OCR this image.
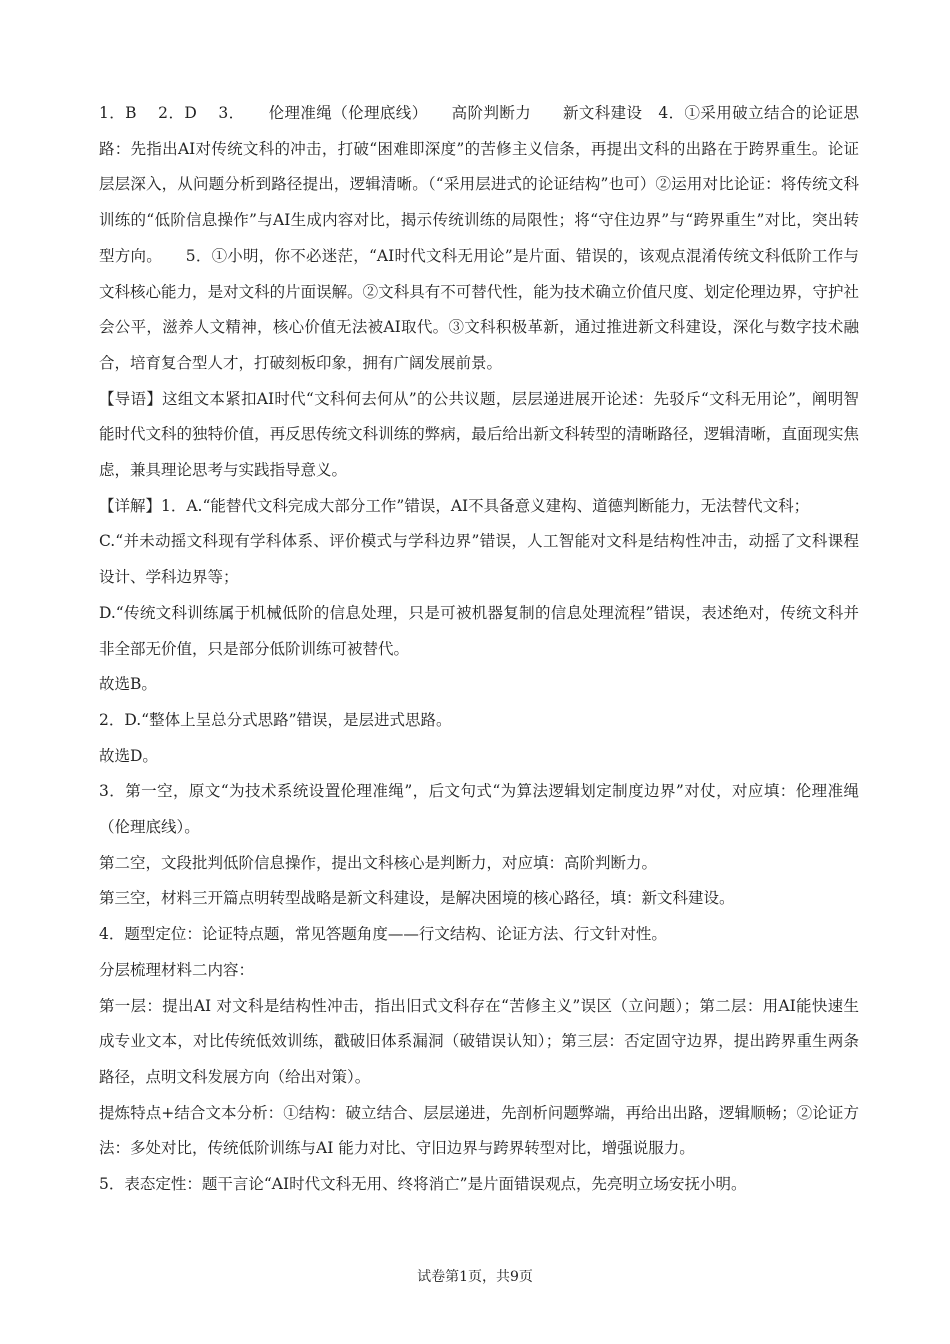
1．B　 2．D　 3．　　伦理准绳（伦理底线）　　高阶判断力　　新文科建设　4．①采用破立结合的论证思路：先指出AI对传统文科的冲击，打破“困难即深度”的苦修主义信条，再提出文科的出路在于跨界重生。论证层层深入，从问题分析到路径提出，逻辑清晰。（“采用层进式的论证结构”也可）②运用对比论证：将传统文科训练的“低阶信息操作”与AI生成内容对比，揭示传统训练的局限性；将“守住边界”与“跨界重生”对比，突出转型方向。　　5．①小明，你不必迷茫，“AI时代文科无用论”是片面、错误的，该观点混淆传统文科低阶工作与文科核心能力，是对文科的片面误解。②文科具有不可替代性，能为技术确立价值尺度、划定伦理边界，守护社会公平，滋养人文精神，核心价值无法被AI取代。③文科积极革新，通过推进新文科建设，深化与数字技术融合，培育复合型人才，打破刻板印象，拥有广阔发展前景。

【导语】这组文本紧扣AI时代“文科何去何从”的公共议题，层层递进展开论述：先驳斥“文科无用论”，阐明智能时代文科的独特价值，再反思传统文科训练的弊病，最后给出新文科转型的清晰路径，逻辑清晰，直面现实焦虑，兼具理论思考与实践指导意义。

【详解】1．A.“能替代文科完成大部分工作”错误，AI不具备意义建构、道德判断能力，无法替代文科；

C.“并未动摇文科现有学科体系、评价模式与学科边界”错误，人工智能对文科是结构性冲击，动摇了文科课程设计、学科边界等；

D.“传统文科训练属于机械低阶的信息处理，只是可被机器复制的信息处理流程”错误，表述绝对，传统文科并非全部无价值，只是部分低阶训练可被替代。

故选B。

2．D.“整体上呈总分式思路”错误，是层进式思路。

故选D。

3．第一空，原文“为技术系统设置伦理准绳”，后文句式“为算法逻辑划定制度边界”对仗，对应填：伦理准绳（伦理底线）。

第二空，文段批判低阶信息操作，提出文科核心是判断力，对应填：高阶判断力。

第三空，材料三开篇点明转型战略是新文科建设，是解决困境的核心路径，填：新文科建设。

4．题型定位：论证特点题，常见答题角度——行文结构、论证方法、行文针对性。

分层梳理材料二内容：

第一层：提出AI 对文科是结构性冲击，指出旧式文科存在“苦修主义”误区（立问题）；第二层：用AI能快速生成专业文本，对比传统低效训练，戳破旧体系漏洞（破错误认知）；第三层：否定固守边界，提出跨界重生两条路径，点明文科发展方向（给出对策）。

提炼特点+结合文本分析：①结构：破立结合、层层递进，先剖析问题弊端，再给出出路，逻辑顺畅；②论证方法：多处对比，传统低阶训练与AI 能力对比、守旧边界与跨界转型对比，增强说服力。

5．表态定性：题干言论“AI时代文科无用、终将消亡”是片面错误观点，先亮明立场安抚小明。

试卷第1页，共9页
